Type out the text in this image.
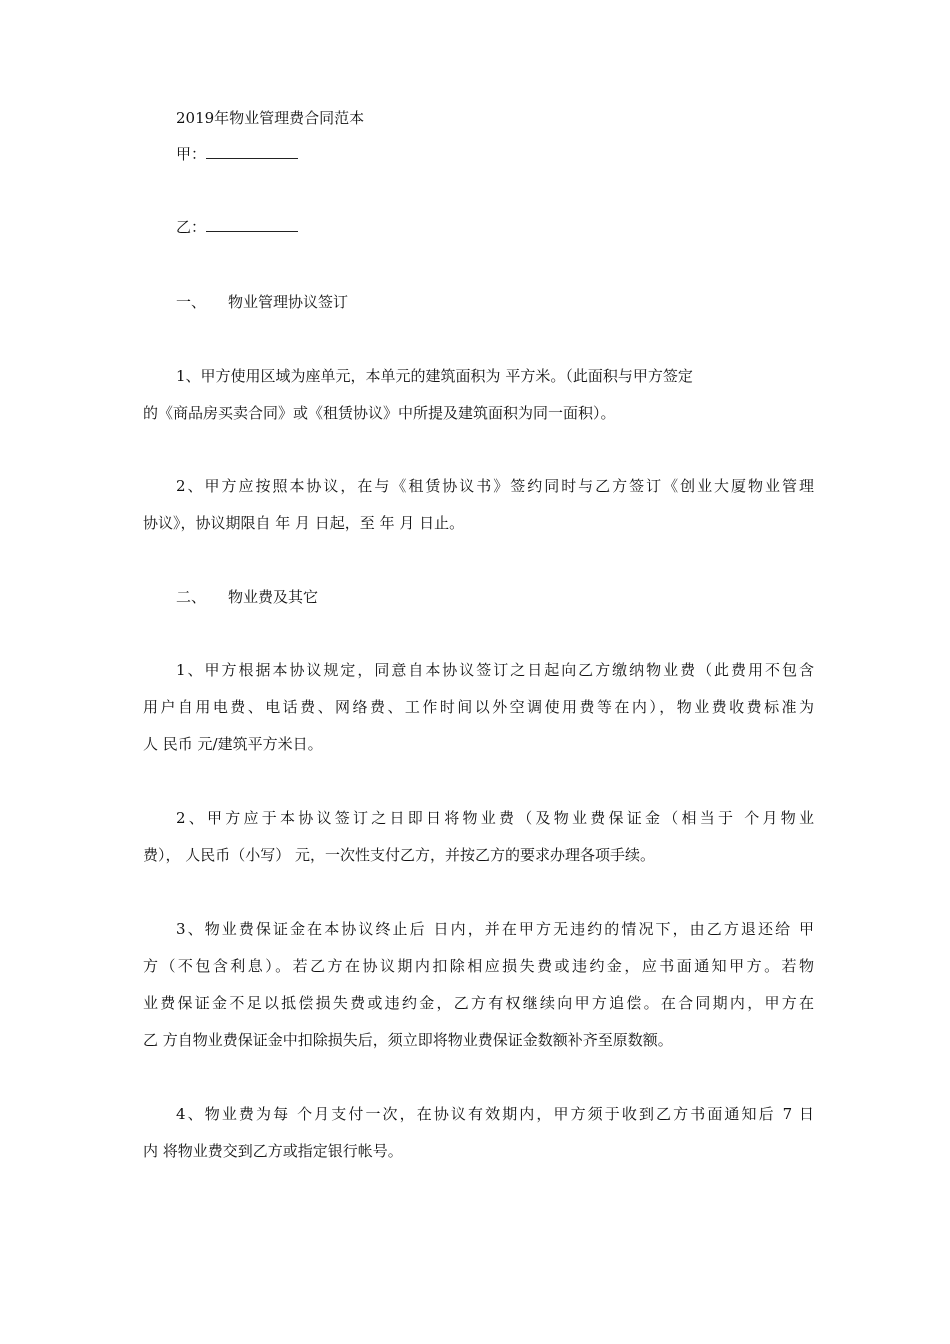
2019年物业管理费合同范本
甲：
乙：
一、 物业管理协议签订
1、甲方使用区域为座单元，本单元的建筑面积为 平方米。（此面积与甲方签定
的《商品房买卖合同》或《租赁协议》中所提及建筑面积为同一面积）。
2、甲方应按照本协议，在与《租赁协议书》签约同时与乙方签订《创业大厦物业管理
协议》，协议期限自 年 月 日起，至 年 月 日止。
二、 物业费及其它
1、甲方根据本协议规定，同意自本协议签订之日起向乙方缴纳物业费（此费用不包含
用户自用电费、电话费、网络费、工作时间以外空调使用费等在内），物业费收费标准为
人 民币 元/建筑平方米日。
2、甲方应于本协议签订之日即日将物业费（及物业费保证金（相当于 个月物业
费）， 人民币（小写） 元，一次性支付乙方，并按乙方的要求办理各项手续。
3、物业费保证金在本协议终止后 日内，并在甲方无违约的情况下，由乙方退还给 甲
方（不包含利息）。若乙方在协议期内扣除相应损失费或违约金，应书面通知甲方。若物
业费保证金不足以抵偿损失费或违约金，乙方有权继续向甲方追偿。在合同期内，甲方在
乙 方自物业费保证金中扣除损失后，须立即将物业费保证金数额补齐至原数额。
4、物业费为每 个月支付一次，在协议有效期内，甲方须于收到乙方书面通知后 7 日
内 将物业费交到乙方或指定银行帐号。
